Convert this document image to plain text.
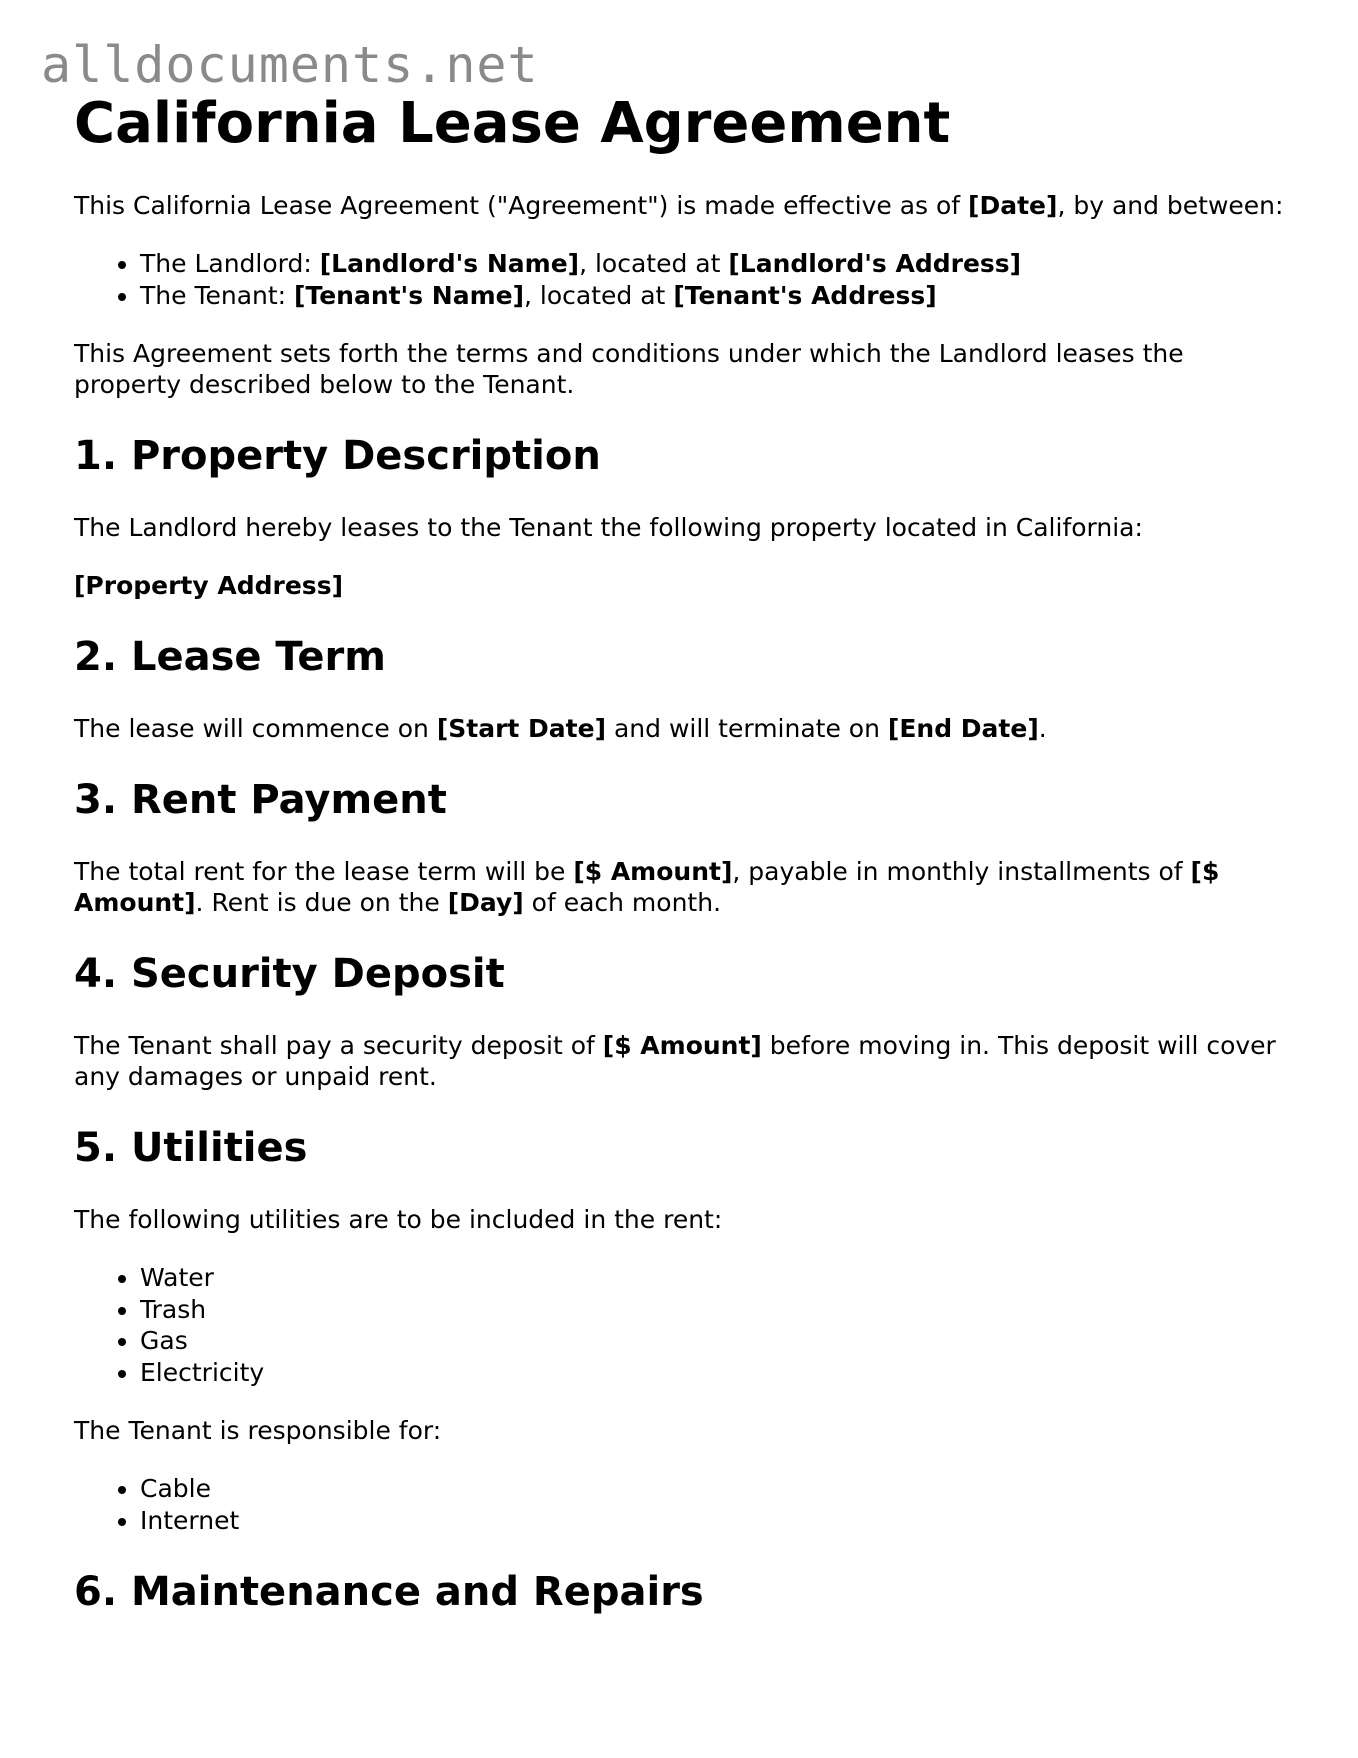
alldocuments.net
California Lease Agreement

This California Lease Agreement ("Agreement") is made effective as of [Date], by and between:

• The Landlord: [Landlord's Name], located at [Landlord's Address]
• The Tenant: [Tenant's Name], located at [Tenant's Address]

This Agreement sets forth the terms and conditions under which the Landlord leases the property described below to the Tenant.

1. Property Description

The Landlord hereby leases to the Tenant the following property located in California:

[Property Address]

2. Lease Term

The lease will commence on [Start Date] and will terminate on [End Date].

3. Rent Payment

The total rent for the lease term will be [$ Amount], payable in monthly installments of [$ Amount]. Rent is due on the [Day] of each month.

4. Security Deposit

The Tenant shall pay a security deposit of [$ Amount] before moving in. This deposit will cover any damages or unpaid rent.

5. Utilities

The following utilities are to be included in the rent:

• Water
• Trash
• Gas
• Electricity

The Tenant is responsible for:

• Cable
• Internet
6. Maintenance and Repairs
